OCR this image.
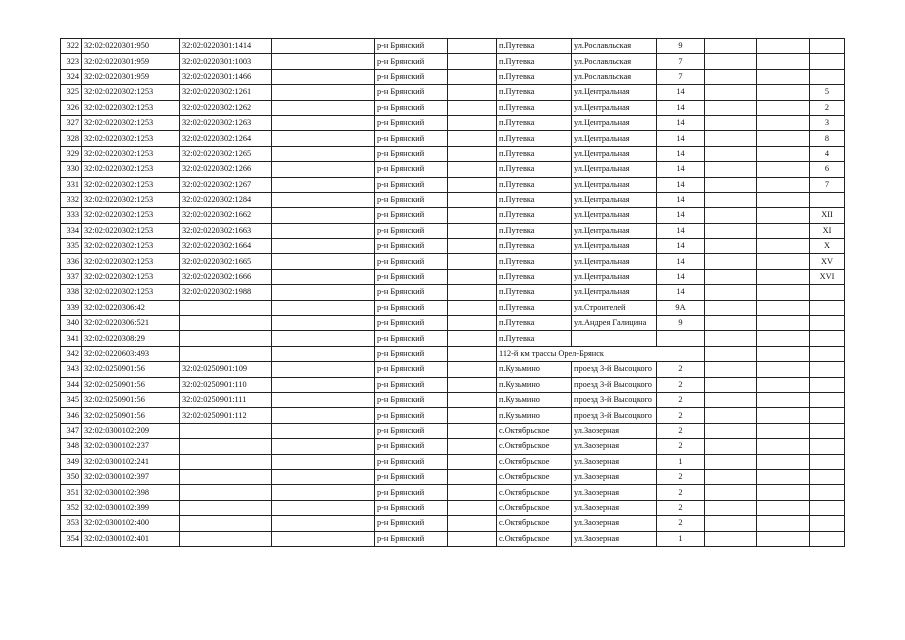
322	32:02:0220301:950	32:02:0220301:1414		р-н Брянский		п.Путевка	ул.Рославльская	9			
323	32:02:0220301:959	32:02:0220301:1003		р-н Брянский		п.Путевка	ул.Рославльская	7			
324	32:02:0220301:959	32:02:0220301:1466		р-н Брянский		п.Путевка	ул.Рославльская	7			
325	32:02:0220302:1253	32:02:0220302:1261		р-н Брянский		п.Путевка	ул.Центральная	14			5
326	32:02:0220302:1253	32:02:0220302:1262		р-н Брянский		п.Путевка	ул.Центральная	14			2
327	32:02:0220302:1253	32:02:0220302:1263		р-н Брянский		п.Путевка	ул.Центральная	14			3
328	32:02:0220302:1253	32:02:0220302:1264		р-н Брянский		п.Путевка	ул.Центральная	14			8
329	32:02:0220302:1253	32:02:0220302:1265		р-н Брянский		п.Путевка	ул.Центральная	14			4
330	32:02:0220302:1253	32:02:0220302:1266		р-н Брянский		п.Путевка	ул.Центральная	14			6
331	32:02:0220302:1253	32:02:0220302:1267		р-н Брянский		п.Путевка	ул.Центральная	14			7
332	32:02:0220302:1253	32:02:0220302:1284		р-н Брянский		п.Путевка	ул.Центральная	14			
333	32:02:0220302:1253	32:02:0220302:1662		р-н Брянский		п.Путевка	ул.Центральная	14			XII
334	32:02:0220302:1253	32:02:0220302:1663		р-н Брянский		п.Путевка	ул.Центральная	14			XI
335	32:02:0220302:1253	32:02:0220302:1664		р-н Брянский		п.Путевка	ул.Центральная	14			X
336	32:02:0220302:1253	32:02:0220302:1665		р-н Брянский		п.Путевка	ул.Центральная	14			XV
337	32:02:0220302:1253	32:02:0220302:1666		р-н Брянский		п.Путевка	ул.Центральная	14			XVI
338	32:02:0220302:1253	32:02:0220302:1988		р-н Брянский		п.Путевка	ул.Центральная	14			
339	32:02:0220306:42			р-н Брянский		п.Путевка	ул.Строителей	9А			
340	32:02:0220306:521			р-н Брянский		п.Путевка	ул.Андрея Галицина	9			
341	32:02:0220308:29			р-н Брянский		п.Путевка					
342	32:02:0220603:493			р-н Брянский		112-й км трассы Орел-Брянск					
343	32:02:0250901:56	32:02:0250901:109		р-н Брянский		п.Кузьмино	проезд 3-й Высоцкого	2			
344	32:02:0250901:56	32:02:0250901:110		р-н Брянский		п.Кузьмино	проезд 3-й Высоцкого	2			
345	32:02:0250901:56	32:02:0250901:111		р-н Брянский		п.Кузьмино	проезд 3-й Высоцкого	2			
346	32:02:0250901:56	32:02:0250901:112		р-н Брянский		п.Кузьмино	проезд 3-й Высоцкого	2			
347	32:02:0300102:209			р-н Брянский		с.Октябрьское	ул.Заозерная	2			
348	32:02:0300102:237			р-н Брянский		с.Октябрьское	ул.Заозерная	2			
349	32:02:0300102:241			р-н Брянский		с.Октябрьское	ул.Заозерная	1			
350	32:02:0300102:397			р-н Брянский		с.Октябрьское	ул.Заозерная	2			
351	32:02:0300102:398			р-н Брянский		с.Октябрьское	ул.Заозерная	2			
352	32:02:0300102:399			р-н Брянский		с.Октябрьское	ул.Заозерная	2			
353	32:02:0300102:400			р-н Брянский		с.Октябрьское	ул.Заозерная	2			
354	32:02:0300102:401			р-н Брянский		с.Октябрьское	ул.Заозерная	1			
